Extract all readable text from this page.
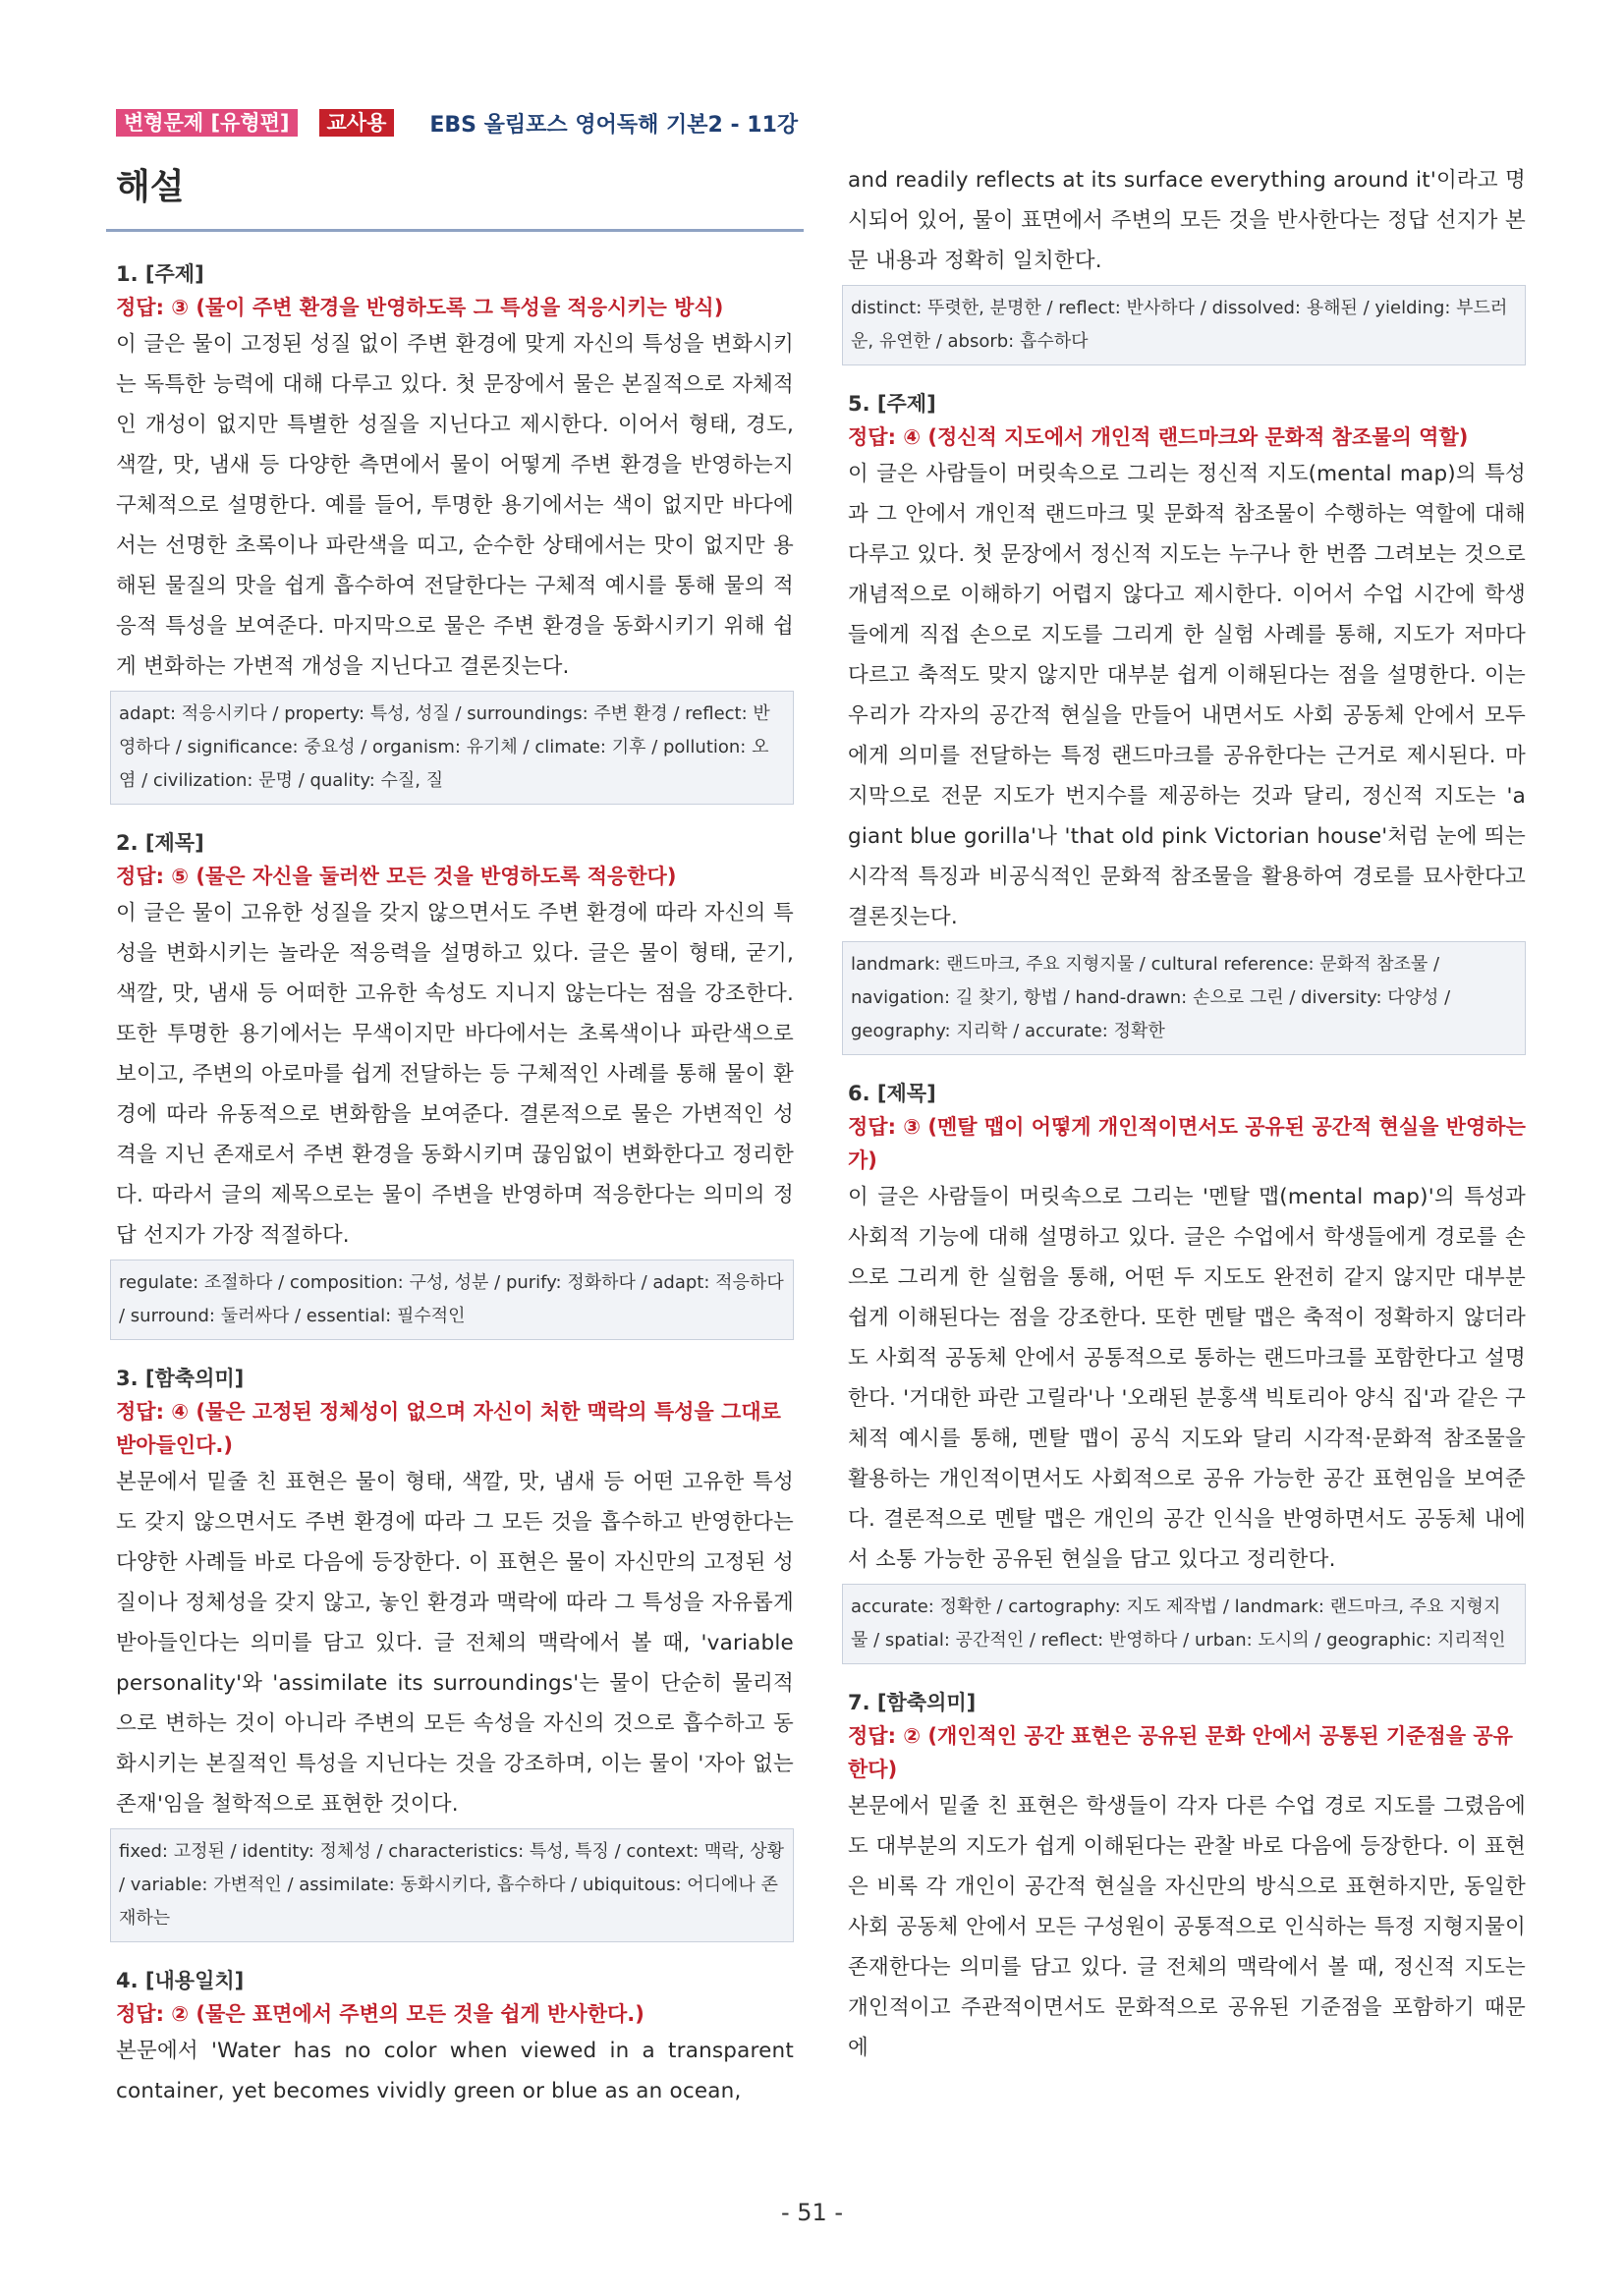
변형문제 [유형편]	교사용	EBS 올림포스 영어독해 기본2 - 11강
해설

1. [주제]

정답: ③ (물이 주변 환경을 반영하도록 그 특성을 적응시키는 방식)

이 글은 물이 고정된 성질 없이 주변 환경에 맞게 자신의 특성을 변화시키는 독특한 능력에 대해 다루고 있다. 첫 문장에서 물은 본질적으로 자체적인 개성이 없지만 특별한 성질을 지닌다고 제시한다. 이어서 형태, 경도, 색깔, 맛, 냄새 등 다양한 측면에서 물이 어떻게 주변 환경을 반영하는지 구체적으로 설명한다. 예를 들어, 투명한 용기에서는 색이 없지만 바다에서는 선명한 초록이나 파란색을 띠고, 순수한 상태에서는 맛이 없지만 용해된 물질의 맛을 쉽게 흡수하여 전달한다는 구체적 예시를 통해 물의 적응적 특성을 보여준다. 마지막으로 물은 주변 환경을 동화시키기 위해 쉽게 변화하는 가변적 개성을 지닌다고 결론짓는다.

adapt: 적응시키다 / property: 특성, 성질 / surroundings: 주변 환경 / reflect: 반영하다 / significance: 중요성 / organism: 유기체 / climate: 기후 / pollution: 오염 / civilization: 문명 / quality: 수질, 질

2. [제목]

정답: ⑤ (물은 자신을 둘러싼 모든 것을 반영하도록 적응한다)

이 글은 물이 고유한 성질을 갖지 않으면서도 주변 환경에 따라 자신의 특성을 변화시키는 놀라운 적응력을 설명하고 있다. 글은 물이 형태, 굳기, 색깔, 맛, 냄새 등 어떠한 고유한 속성도 지니지 않는다는 점을 강조한다. 또한 투명한 용기에서는 무색이지만 바다에서는 초록색이나 파란색으로 보이고, 주변의 아로마를 쉽게 전달하는 등 구체적인 사례를 통해 물이 환경에 따라 유동적으로 변화함을 보여준다. 결론적으로 물은 가변적인 성격을 지닌 존재로서 주변 환경을 동화시키며 끊임없이 변화한다고 정리한다. 따라서 글의 제목으로는 물이 주변을 반영하며 적응한다는 의미의 정답 선지가 가장 적절하다.

regulate: 조절하다 / composition: 구성, 성분 / purify: 정화하다 / adapt: 적응하다 / surround: 둘러싸다 / essential: 필수적인

3. [함축의미]

정답: ④ (물은 고정된 정체성이 없으며 자신이 처한 맥락의 특성을 그대로 받아들인다.)

본문에서 밑줄 친 표현은 물이 형태, 색깔, 맛, 냄새 등 어떤 고유한 특성도 갖지 않으면서도 주변 환경에 따라 그 모든 것을 흡수하고 반영한다는 다양한 사례들 바로 다음에 등장한다. 이 표현은 물이 자신만의 고정된 성질이나 정체성을 갖지 않고, 놓인 환경과 맥락에 따라 그 특성을 자유롭게 받아들인다는 의미를 담고 있다. 글 전체의 맥락에서 볼 때, 'variable personality'와 'assimilate its surroundings'는 물이 단순히 물리적으로 변하는 것이 아니라 주변의 모든 속성을 자신의 것으로 흡수하고 동화시키는 본질적인 특성을 지닌다는 것을 강조하며, 이는 물이 '자아 없는 존재'임을 철학적으로 표현한 것이다.

fixed: 고정된 / identity: 정체성 / characteristics: 특성, 특징 / context: 맥락, 상황 / variable: 가변적인 / assimilate: 동화시키다, 흡수하다 / ubiquitous: 어디에나 존재하는

4. [내용일치]

정답: ② (물은 표면에서 주변의 모든 것을 쉽게 반사한다.)

본문에서 'Water has no color when viewed in a transparent container, yet becomes vividly green or blue as an ocean,

and readily reflects at its surface everything around it'이라고 명시되어 있어, 물이 표면에서 주변의 모든 것을 반사한다는 정답 선지가 본문 내용과 정확히 일치한다.

distinct: 뚜렷한, 분명한 / reflect: 반사하다 / dissolved: 용해된 / yielding: 부드러운, 유연한 / absorb: 흡수하다

5. [주제]

정답: ④ (정신적 지도에서 개인적 랜드마크와 문화적 참조물의 역할)

이 글은 사람들이 머릿속으로 그리는 정신적 지도(mental map)의 특성과 그 안에서 개인적 랜드마크 및 문화적 참조물이 수행하는 역할에 대해 다루고 있다. 첫 문장에서 정신적 지도는 누구나 한 번쯤 그려보는 것으로 개념적으로 이해하기 어렵지 않다고 제시한다. 이어서 수업 시간에 학생들에게 직접 손으로 지도를 그리게 한 실험 사례를 통해, 지도가 저마다 다르고 축적도 맞지 않지만 대부분 쉽게 이해된다는 점을 설명한다. 이는 우리가 각자의 공간적 현실을 만들어 내면서도 사회 공동체 안에서 모두에게 의미를 전달하는 특정 랜드마크를 공유한다는 근거로 제시된다. 마지막으로 전문 지도가 번지수를 제공하는 것과 달리, 정신적 지도는 'a giant blue gorilla'나 'that old pink Victorian house'처럼 눈에 띄는 시각적 특징과 비공식적인 문화적 참조물을 활용하여 경로를 묘사한다고 결론짓는다.

landmark: 랜드마크, 주요 지형지물 / cultural reference: 문화적 참조물 / navigation: 길 찾기, 항법 / hand-drawn: 손으로 그린 / diversity: 다양성 / geography: 지리학 / accurate: 정확한

6. [제목]

정답: ③ (멘탈 맵이 어떻게 개인적이면서도 공유된 공간적 현실을 반영하는가)

이 글은 사람들이 머릿속으로 그리는 '멘탈 맵(mental map)'의 특성과 사회적 기능에 대해 설명하고 있다. 글은 수업에서 학생들에게 경로를 손으로 그리게 한 실험을 통해, 어떤 두 지도도 완전히 같지 않지만 대부분 쉽게 이해된다는 점을 강조한다. 또한 멘탈 맵은 축적이 정확하지 않더라도 사회적 공동체 안에서 공통적으로 통하는 랜드마크를 포함한다고 설명한다. '거대한 파란 고릴라'나 '오래된 분홍색 빅토리아 양식 집'과 같은 구체적 예시를 통해, 멘탈 맵이 공식 지도와 달리 시각적·문화적 참조물을 활용하는 개인적이면서도 사회적으로 공유 가능한 공간 표현임을 보여준다. 결론적으로 멘탈 맵은 개인의 공간 인식을 반영하면서도 공동체 내에서 소통 가능한 공유된 현실을 담고 있다고 정리한다.

accurate: 정확한 / cartography: 지도 제작법 / landmark: 랜드마크, 주요 지형지물 / spatial: 공간적인 / reflect: 반영하다 / urban: 도시의 / geographic: 지리적인

7. [함축의미]

정답: ② (개인적인 공간 표현은 공유된 문화 안에서 공통된 기준점을 공유한다)

본문에서 밑줄 친 표현은 학생들이 각자 다른 수업 경로 지도를 그렸음에도 대부분의 지도가 쉽게 이해된다는 관찰 바로 다음에 등장한다. 이 표현은 비록 각 개인이 공간적 현실을 자신만의 방식으로 표현하지만, 동일한 사회 공동체 안에서 모든 구성원이 공통적으로 인식하는 특정 지형지물이 존재한다는 의미를 담고 있다. 글 전체의 맥락에서 볼 때, 정신적 지도는 개인적이고 주관적이면서도 문화적으로 공유된 기준점을 포함하기 때문에

- 51 -
